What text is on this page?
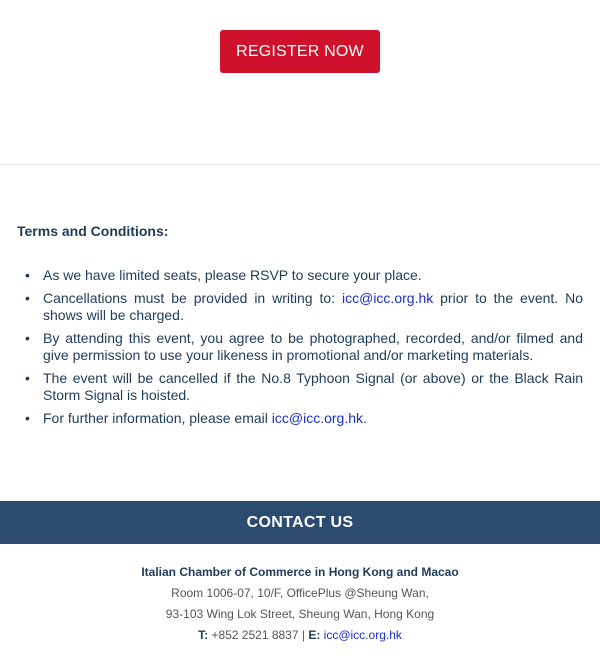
REGISTER NOW
Terms and Conditions:
• As we have limited seats, please RSVP to secure your place.
• Cancellations must be provided in writing to: icc@icc.org.hk prior to the event. No shows will be charged.
• By attending this event, you agree to be photographed, recorded, and/or filmed and give permission to use your likeness in promotional and/or marketing materials.
• The event will be cancelled if the No.8 Typhoon Signal (or above) or the Black Rain Storm Signal is hoisted.
• For further information, please email icc@icc.org.hk.
CONTACT US
Italian Chamber of Commerce in Hong Kong and Macao
Room 1006-07, 10/F, OfficePlus @Sheung Wan,
93-103 Wing Lok Street, Sheung Wan, Hong Kong
T: +852 2521 8837 | E: icc@icc.org.hk
